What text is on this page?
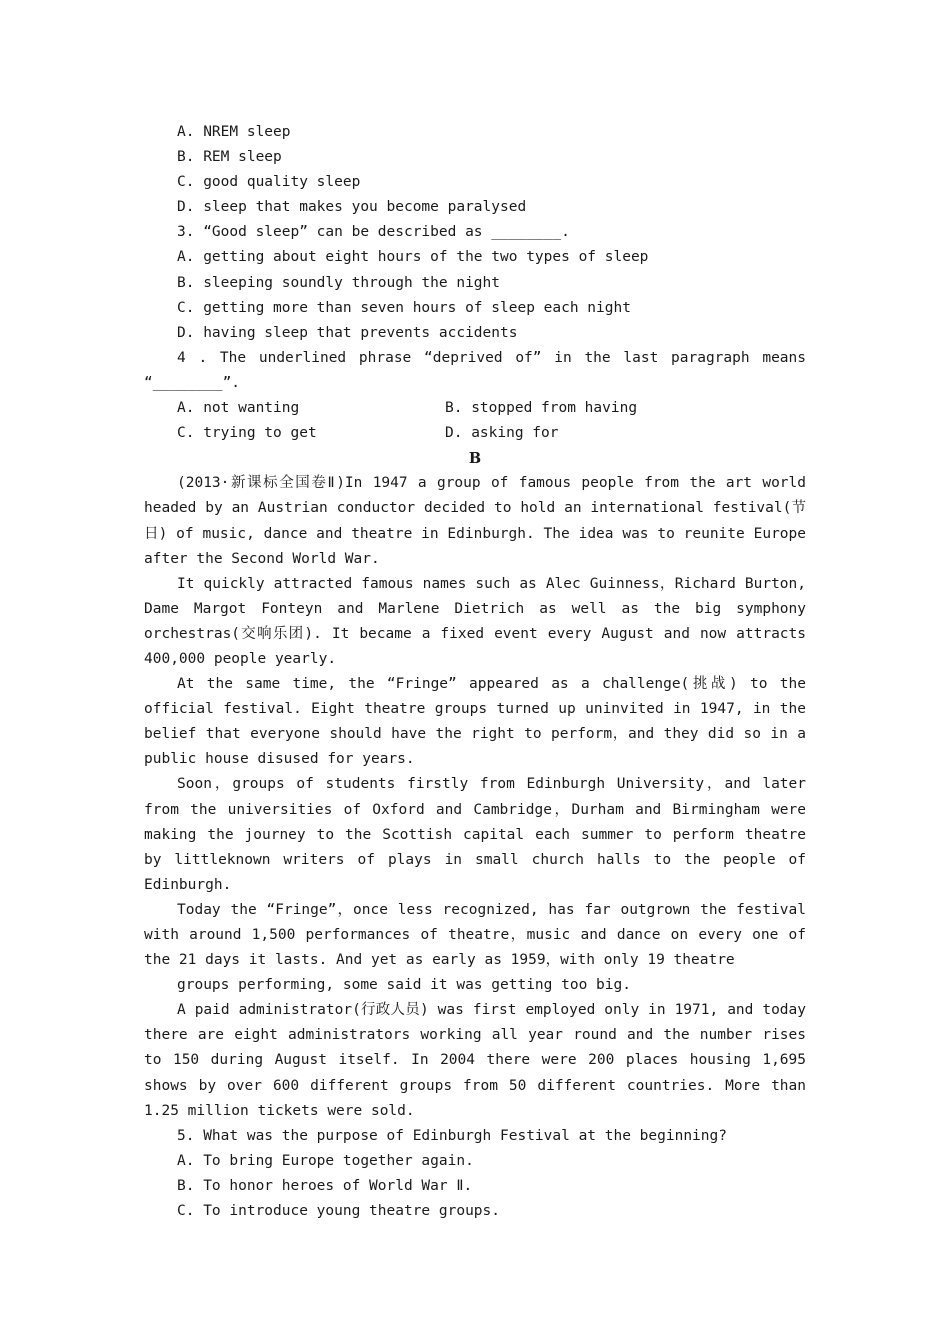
A. NREM sleep
B. REM sleep
C. good quality sleep
D. sleep that makes you become paralysed
3. “Good sleep” can be described as ________.
A. getting about eight hours of the two types of sleep
B. sleeping soundly through the night
C. getting more than seven hours of sleep each night
D. having sleep that prevents accidents
4 . The underlined phrase “deprived of” in the last paragraph means
“________”.
A. not wanting	B. stopped from having
C. trying to get	D. asking for
B

(2013·新课标全国卷Ⅱ)In 1947 a group of famous people from the art world headed by an Austrian conductor decided to hold an international festival(节日) of music, dance and theatre in Edinburgh. The idea was to reunite Europe after the Second World War.

It quickly attracted famous names such as Alec Guinness，Richard Burton, Dame Margot Fonteyn and Marlene Dietrich as well as the big symphony orchestras(交响乐团). It became a fixed event every August and now attracts 400,000 people yearly.

At the same time, the “Fringe” appeared as a challenge(挑战) to the official festival. Eight theatre groups turned up uninvited in 1947, in the belief that everyone should have the right to perform，and they did so in a public house disused for years.

Soon，groups of students firstly from Edinburgh University，and later from the universities of Oxford and Cambridge，Durham and Birmingham were making the journey to the Scottish capital each summer to perform theatre by littleknown writers of plays in small church halls to the people of Edinburgh.

Today the “Fringe”，once less recognized, has far outgrown the festival with around 1,500 performances of theatre，music and dance on every one of the 21 days it lasts. And yet as early as 1959，with only 19 theatre

groups performing, some said it was getting too big.

A paid administrator(行政人员) was first employed only in 1971, and today there are eight administrators working all year round and the number rises to 150 during August itself. In 2004 there were 200 places housing 1,695 shows by over 600 different groups from 50 different countries. More than 1.25 million tickets were sold.

5. What was the purpose of Edinburgh Festival at the beginning?
A. To bring Europe together again.
B. To honor heroes of World War Ⅱ.
C. To introduce young theatre groups.
